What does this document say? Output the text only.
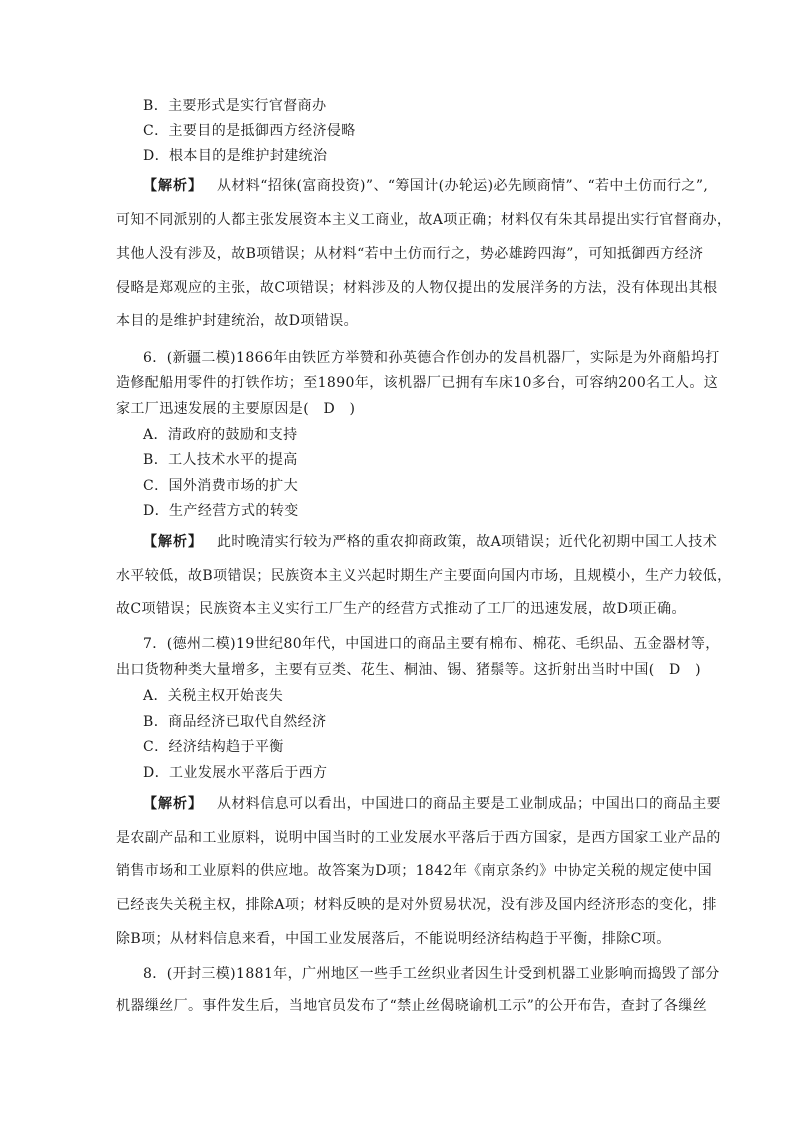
B．主要形式是实行官督商办
C．主要目的是抵御西方经济侵略
D．根本目的是维护封建统治
【解析】 从材料“招徕(富商投资)”、“筹国计(办轮运)必先顾商情”、“若中土仿而行之”,
可知不同派别的人都主张发展资本主义工商业，故A项正确；材料仅有朱其昂提出实行官督商办，
其他人没有涉及，故B项错误；从材料“若中土仿而行之，势必雄跨四海”，可知抵御西方经济
侵略是郑观应的主张，故C项错误；材料涉及的人物仅提出的发展洋务的方法，没有体现出其根
本目的是维护封建统治，故D项错误。
6．(新疆二模)1866年由铁匠方举赞和孙英德合作创办的发昌机器厂，实际是为外商船坞打
造修配船用零件的打铁作坊；至1890年，该机器厂已拥有车床10多台，可容纳200名工人。这
家工厂迅速发展的主要原因是(　D　)
A．清政府的鼓励和支持
B．工人技术水平的提高
C．国外消费市场的扩大
D．生产经营方式的转变
【解析】 此时晚清实行较为严格的重农抑商政策，故A项错误；近代化初期中国工人技术
水平较低，故B项错误；民族资本主义兴起时期生产主要面向国内市场，且规模小，生产力较低，
故C项错误；民族资本主义实行工厂生产的经营方式推动了工厂的迅速发展，故D项正确。
7．(德州二模)19世纪80年代，中国进口的商品主要有棉布、棉花、毛织品、五金器材等，
出口货物种类大量增多，主要有豆类、花生、桐油、锡、猪鬃等。这折射出当时中国(　D　)
A．关税主权开始丧失
B．商品经济已取代自然经济
C．经济结构趋于平衡
D．工业发展水平落后于西方
【解析】 从材料信息可以看出，中国进口的商品主要是工业制成品；中国出口的商品主要
是农副产品和工业原料，说明中国当时的工业发展水平落后于西方国家，是西方国家工业产品的
销售市场和工业原料的供应地。故答案为D项；1842年《南京条约》中协定关税的规定使中国
已经丧失关税主权，排除A项；材料反映的是对外贸易状况，没有涉及国内经济形态的变化，排
除B项；从材料信息来看，中国工业发展落后，不能说明经济结构趋于平衡，排除C项。
8．(开封三模)1881年，广州地区一些手工丝织业者因生计受到机器工业影响而捣毁了部分
机器缫丝厂。事件发生后，当地官员发布了“禁止丝偈晓谕机工示”的公开布告，查封了各缫丝
